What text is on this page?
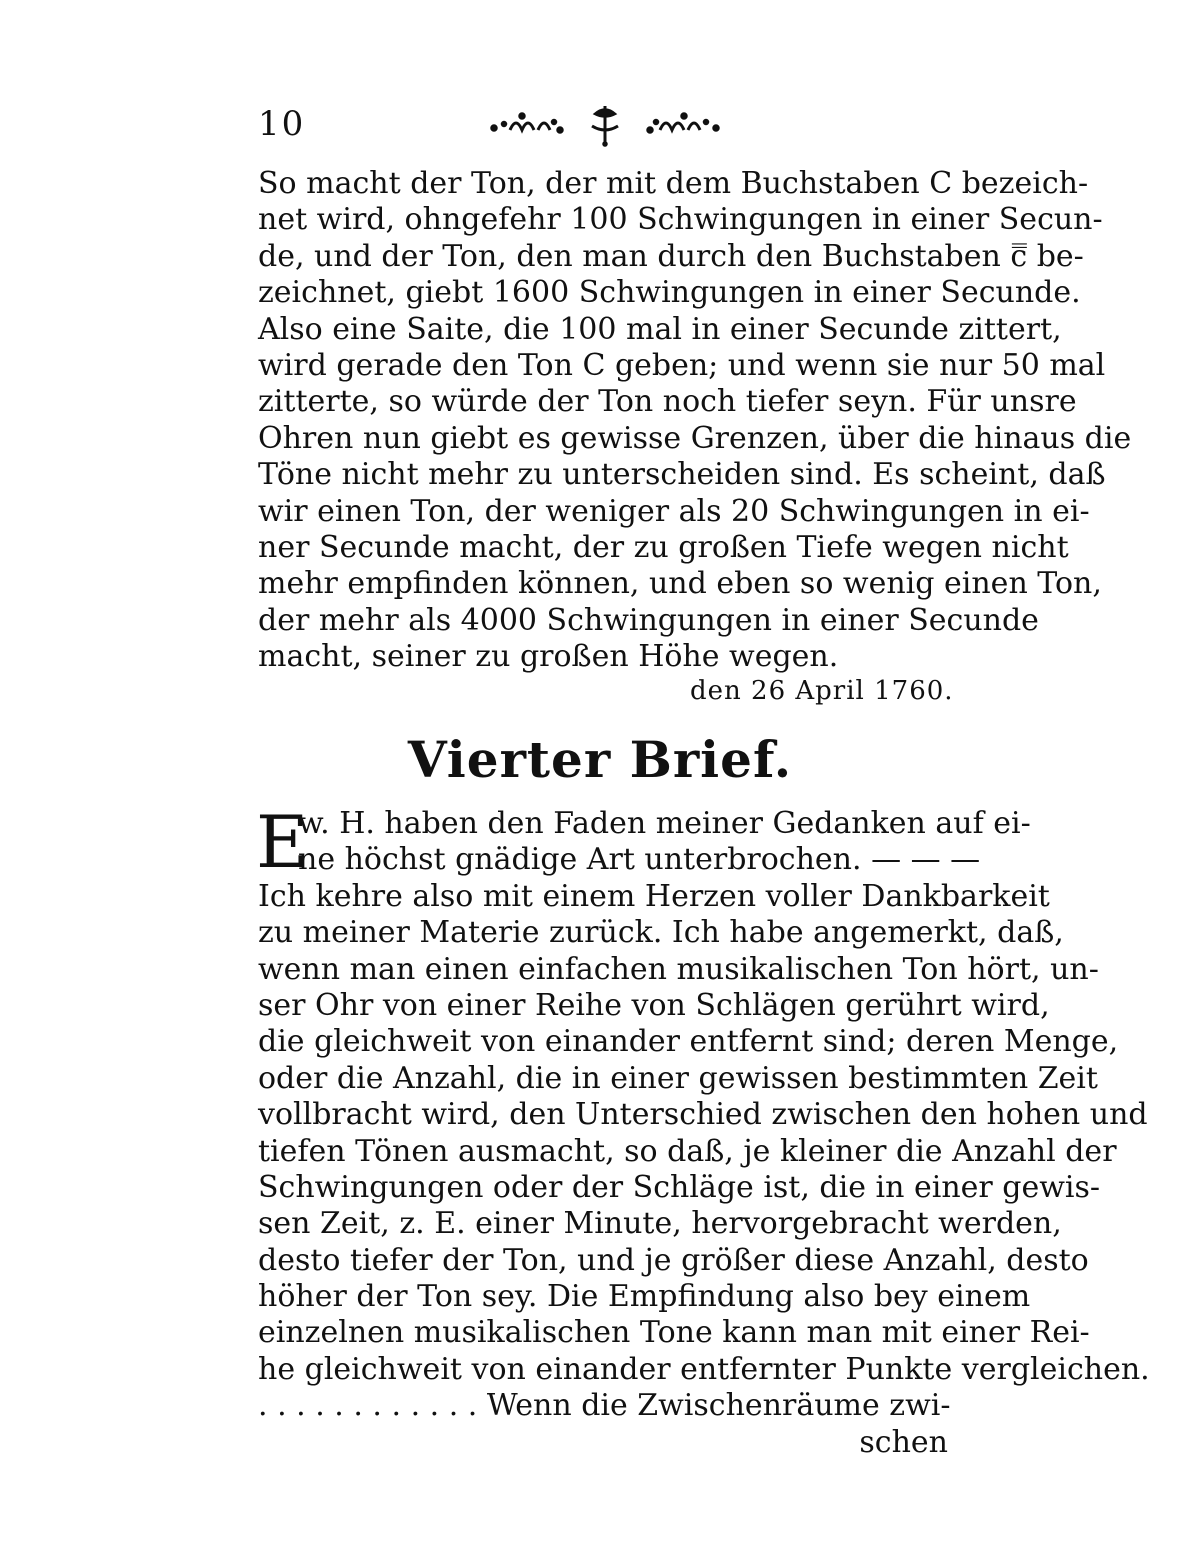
10
So macht der Ton, der mit dem Buchstaben C bezeich-
net wird, ohngefehr 100 Schwingungen in einer Secun-
de, und der Ton, den man durch den Buchstaben c̿ be-
zeichnet, giebt 1600 Schwingungen in einer Secunde.
Also eine Saite, die 100 mal in einer Secunde zittert,
wird gerade den Ton C geben; und wenn sie nur 50 mal
zitterte, so würde der Ton noch tiefer seyn. Für unsre
Ohren nun giebt es gewisse Grenzen, über die hinaus die
Töne nicht mehr zu unterscheiden sind. Es scheint, daß
wir einen Ton, der weniger als 20 Schwingungen in ei-
ner Secunde macht, der zu großen Tiefe wegen nicht
mehr empfinden können, und eben so wenig einen Ton,
der mehr als 4000 Schwingungen in einer Secunde
macht, seiner zu großen Höhe wegen.
den 26 April 1760.
Vierter Brief.
E
w. H. haben den Faden meiner Gedanken auf ei-
ne höchst gnädige Art unterbrochen. — — —
Ich kehre also mit einem Herzen voller Dankbarkeit
zu meiner Materie zurück. Ich habe angemerkt, daß,
wenn man einen einfachen musikalischen Ton hört, un-
ser Ohr von einer Reihe von Schlägen gerührt wird,
die gleichweit von einander entfernt sind; deren Menge,
oder die Anzahl, die in einer gewissen bestimmten Zeit
vollbracht wird, den Unterschied zwischen den hohen und
tiefen Tönen ausmacht, so daß, je kleiner die Anzahl der
Schwingungen oder der Schläge ist, die in einer gewis-
sen Zeit, z. E. einer Minute, hervorgebracht werden,
desto tiefer der Ton, und je größer diese Anzahl, desto
höher der Ton sey. Die Empfindung also bey einem
einzelnen musikalischen Tone kann man mit einer Rei-
he gleichweit von einander entfernter Punkte vergleichen.
. . . . . . . . . . . . Wenn die Zwischenräume zwi-
schen
